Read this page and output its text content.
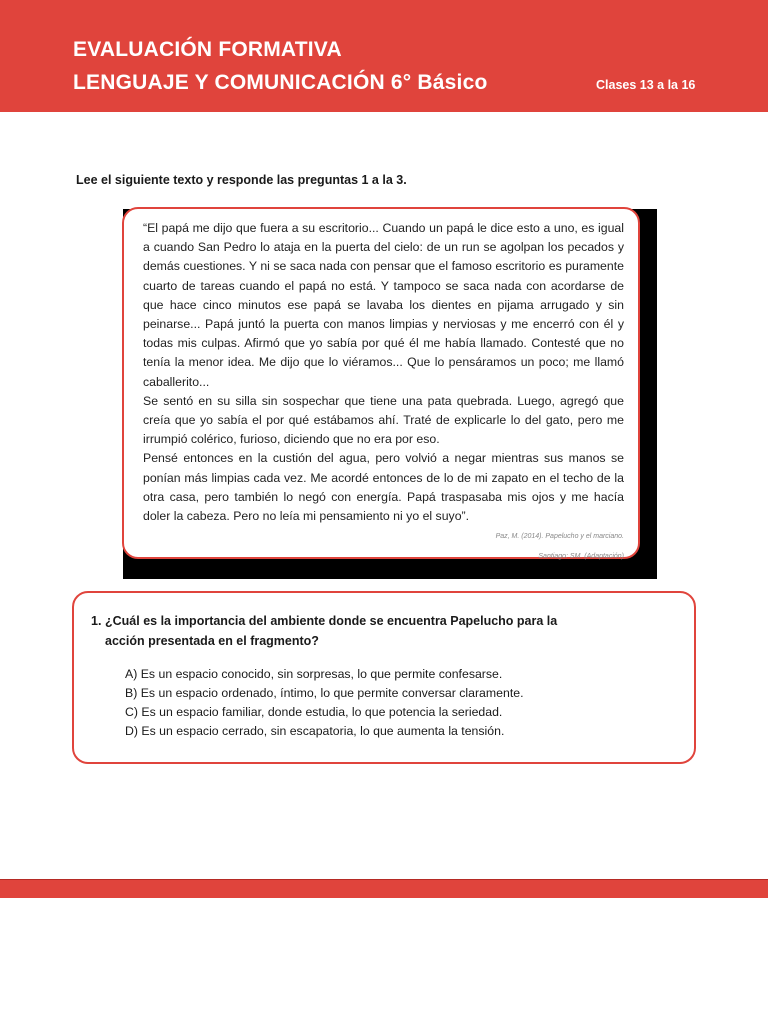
EVALUACIÓN FORMATIVA
LENGUAJE Y COMUNICACIÓN 6° Básico	Clases 13 a la 16
Lee el siguiente texto y responde las preguntas 1 a la 3.

“El papá me dijo que fuera a su escritorio... Cuando un papá le dice esto a uno, es igual a cuando San Pedro lo ataja en la puerta del cielo: de un run se agolpan los pecados y demás cuestiones. Y ni se saca nada con pensar que el famoso escritorio es puramente cuarto de tareas cuando el papá no está. Y tampoco se saca nada con acordarse de que hace cinco minutos ese papá se lavaba los dientes en pijama arrugado y sin peinarse... Papá juntó la puerta con manos limpias y nerviosas y me encerró con él y todas mis culpas. Afirmó que yo sabía por qué él me había llamado. Contesté que no tenía la menor idea. Me dijo que lo viéramos... Que lo pensáramos un poco; me llamó caballerito...

Se sentó en su silla sin sospechar que tiene una pata quebrada. Luego, agregó que creía que yo sabía el por qué estábamos ahí. Traté de explicarle lo del gato, pero me irrumpió colérico, furioso, diciendo que no era por eso.

Pensé entonces en la custión del agua, pero volvió a negar mientras sus manos se ponían más limpias cada vez. Me acordé entonces de lo de mi zapato en el techo de la otra casa, pero también lo negó con energía. Papá traspasaba mis ojos y me hacía doler la cabeza. Pero no leía mi pensamiento ni yo el suyo”.

Paz, M. (2014). Papelucho y el marciano.
Santiago: SM. (Adaptación)
1. ¿Cuál es la importancia del ambiente donde se encuentra Papelucho para la
acción presentada en el fragmento?
A) Es un espacio conocido, sin sorpresas, lo que permite confesarse.
B) Es un espacio ordenado, íntimo, lo que permite conversar claramente.
C) Es un espacio familiar, donde estudia, lo que potencia la seriedad.
D) Es un espacio cerrado, sin escapatoria, lo que aumenta la tensión.
